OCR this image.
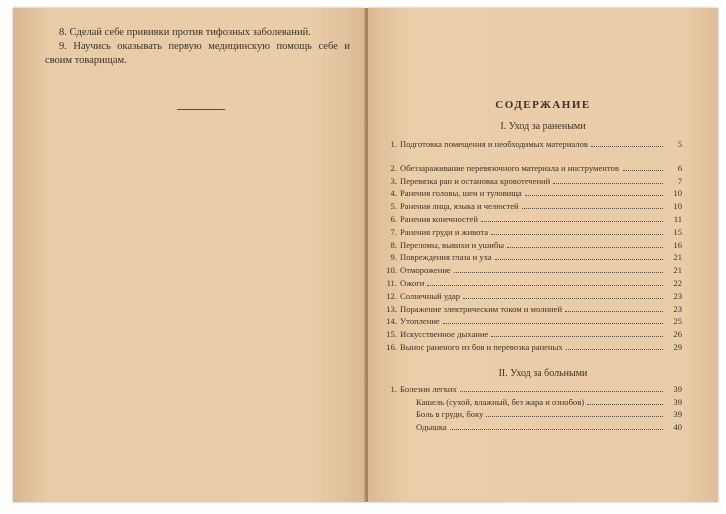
8. Сделай себе прививки против тифозных заболеваний.

9. Научись оказывать первую медицинскую помощь себе и своим товарищам.

СОДЕРЖАНИЕ
I. Уход за ранеными
1. Подготовка помещения и необходимых материалов	5
2. Обеззараживание перевязочного материала и инструментов	6
3. Перевязка ран и остановка кровотечений	7
4. Ранения головы, шеи и туловища	10
5. Ранения лица, языка и челюстей	10
6. Ранения конечностей	11
7. Ранения груди и живота	15
8. Переломы, вывихи и ушибы	16
9. Повреждения глаза и уха	21
10. Отморожение	21
11. Ожоги	22
12. Солнечный удар	23
13. Поражение электрическим током и молнией	23
14. Утопление	25
15. Искусственное дыхание	26
16. Вынос раненого из боя и перевозка раненых	29
II. Уход за больными
1. Болезни легких	39
Кашель (сухой, влажный, без жара и ознобов)	39
Боль в груди, боку	39
Одышка	40
